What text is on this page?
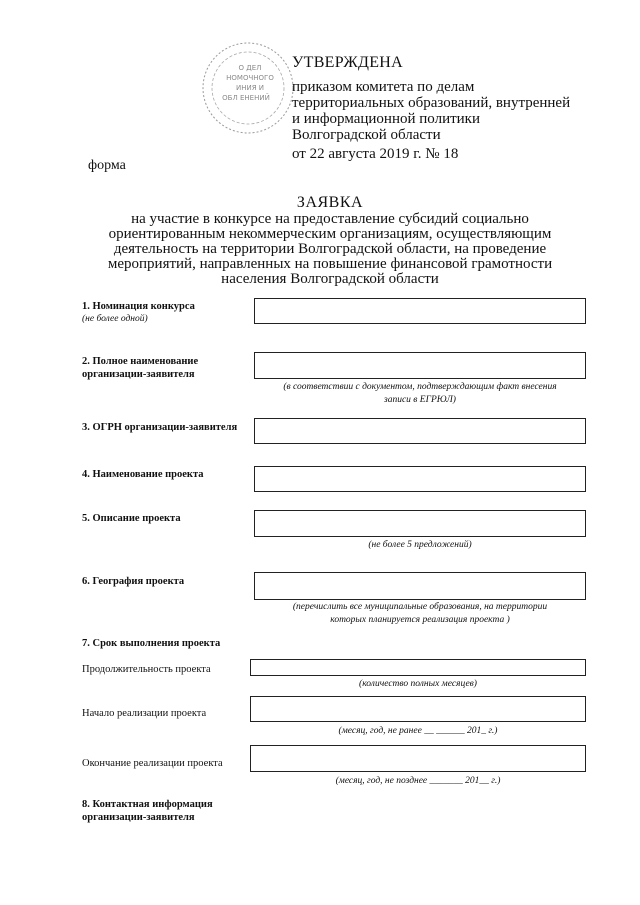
О ДЕЛ
НОМОЧНОГО
ИНИЯ И
ОБЛ ЕНЕНИЙ
УТВЕРЖДЕНА
приказом комитета по делам
территориальных образований, внутренней
и информационной политики
Волгоградской области
от 22 августа 2019 г. № 18
форма
ЗАЯВКА
на участие в конкурсе на предоставление субсидий социально
ориентированным некоммерческим организациям, осуществляющим
деятельность на территории Волгоградской области, на проведение
мероприятий, направленных на повышение финансовой грамотности
населения Волгоградской области
1. Номинация конкурса
(не более одной)
2. Полное наименование
организации-заявителя
(в соответствии с документом, подтверждающим факт внесения
записи в ЕГРЮЛ)
3. ОГРН организации-заявителя
4. Наименование проекта
5. Описание проекта
(не более 5 предложений)
6. География проекта
(перечислить все муниципальные образования, на территории
которых планируется реализация проекта )
7. Срок выполнения проекта
Продолжительность проекта
(количество полных месяцев)
Начало реализации проекта
(месяц, год, не ранее __ ______ 201_ г.)
Окончание реализации проекта
(месяц, год, не позднее _______ 201__ г.)
8. Контактная информация
организации-заявителя
